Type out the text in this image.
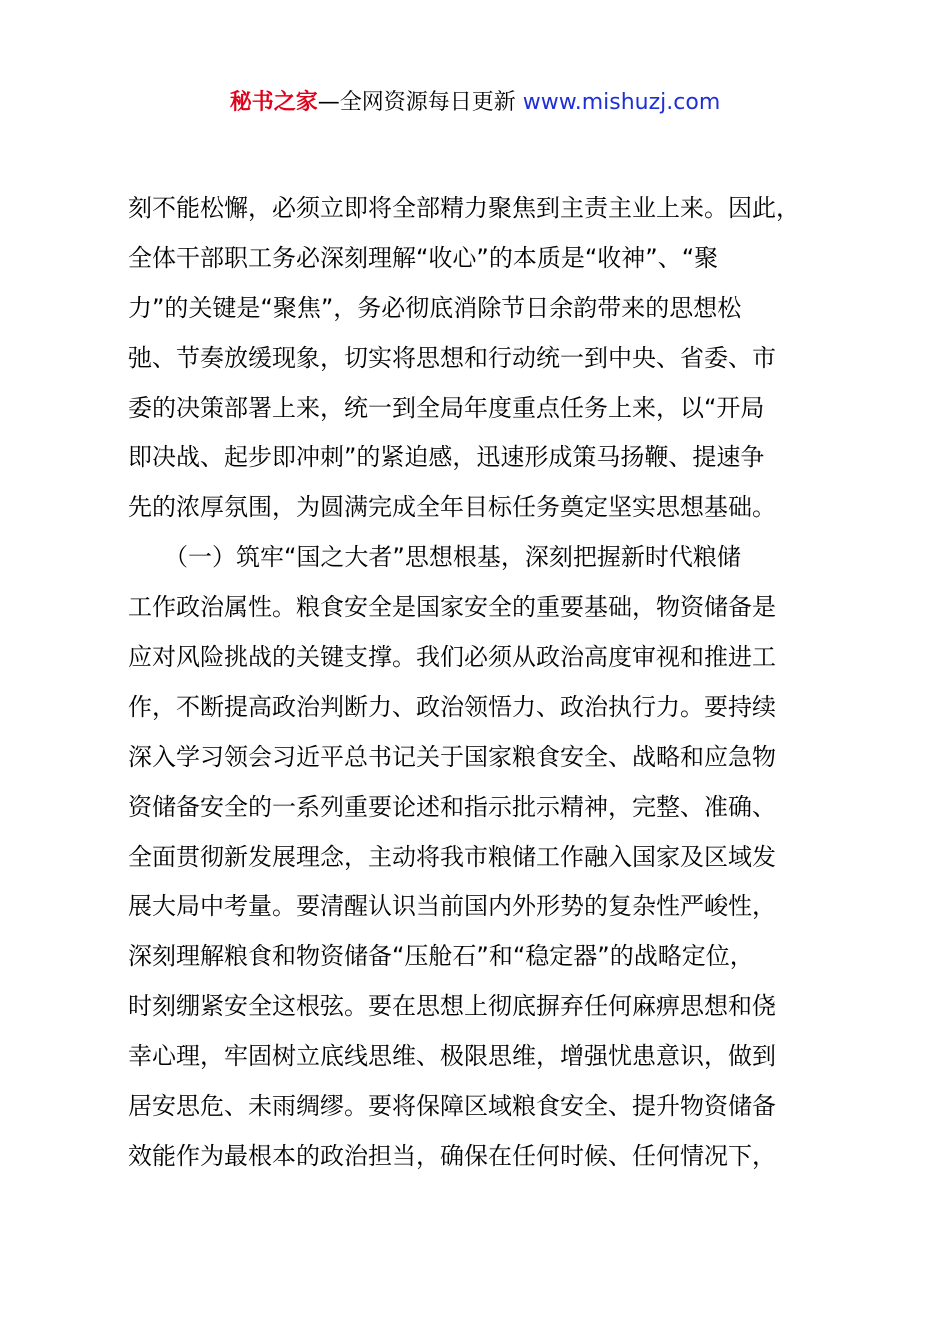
秘书之家—全网资源每日更新 www.mishuzj.com
刻不能松懈，必须立即将全部精力聚焦到主责主业上来。因此，
全体干部职工务必深刻理解“收心”的本质是“收神”、“聚
力”的关键是“聚焦”，务必彻底消除节日余韵带来的思想松
弛、节奏放缓现象，切实将思想和行动统一到中央、省委、市
委的决策部署上来，统一到全局年度重点任务上来，以“开局
即决战、起步即冲刺”的紧迫感，迅速形成策马扬鞭、提速争
先的浓厚氛围，为圆满完成全年目标任务奠定坚实思想基础。
　　（一）筑牢“国之大者”思想根基，深刻把握新时代粮储
工作政治属性。粮食安全是国家安全的重要基础，物资储备是
应对风险挑战的关键支撑。我们必须从政治高度审视和推进工
作，不断提高政治判断力、政治领悟力、政治执行力。要持续
深入学习领会习近平总书记关于国家粮食安全、战略和应急物
资储备安全的一系列重要论述和指示批示精神，完整、准确、
全面贯彻新发展理念，主动将我市粮储工作融入国家及区域发
展大局中考量。要清醒认识当前国内外形势的复杂性严峻性，
深刻理解粮食和物资储备“压舱石”和“稳定器”的战略定位，
时刻绷紧安全这根弦。要在思想上彻底摒弃任何麻痹思想和侥
幸心理，牢固树立底线思维、极限思维，增强忧患意识，做到
居安思危、未雨绸缪。要将保障区域粮食安全、提升物资储备
效能作为最根本的政治担当，确保在任何时候、任何情况下，
